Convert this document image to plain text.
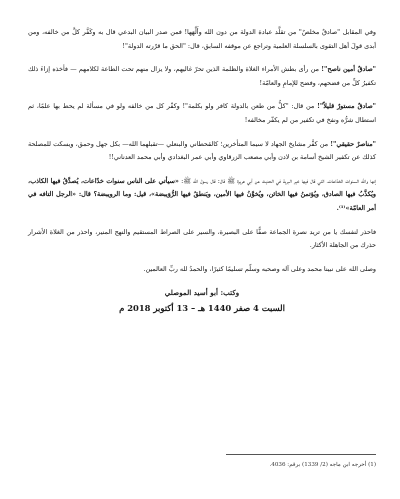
وفي المقابل "صادقٌ مخلصٌ" من تقلَّد عبادة الدولة من دون الله وأَلَّهَها! فمن صدر البيان البدعي قال به وكَفَّر كلَّ من خالفه، ومن أبدى قولَ أهل التقوى بالسلسلة العلمية وتراجع عن موقفه السابق، قال: "الحق ما قرّرته الدولة"!

"صادقٌ أمين ناصح"! من رأى بطش الأمراء الغلاة والظلمة الذين تحرّ غاليهم، ولا يزال منهم تحت الطاعة لكلامهم — فأخذه إزاءَ ذلك تكفيرُ كلِّ من فضحهم، وفضح للإمامِ والعامّة!

"صادقٌ مستورٌ قليلاً"! من قال: "كلُّ من طعن بالدولة كافر ولو بكلمة"! وكفّر كل من خالفه ولو في مسألة لم يحط بها علمًا، ثم استطال شرُّه ونفخ في تكفير من لم يكفّر مخالفه!

"مناصرٌ حقيقي"! من كفَّر مشايخ الجهاد لا سيما المتأخرين؛ كالقحطاني والبنعلي —تقبلهما الله— بكل جهل وحمق، ويسكت للمصلحة كذلك عن تكفير الشيخ أسامة بن لادن وأبي مصعب الزرقاوي وأبي عمر البغدادي وأبي محمد العدناني!!

إنها والله السنوات الخدّاعات، التي قال فيها خير البرية في الحديث عن أبي هريرة ﷺ قال: قال رسول الله ﷺ: «سيأتي على الناس سنوات خدّاعات، يُصدَّقُ فيها الكاذب، ويُكذَّبُ فيها الصادق، ويُؤتمنُ فيها الخائن، ويُخوَّنُ فيها الأمين، ويَنطقُ فيها الرُّوَيبضة»، قيل: وما الرويبضة؟ قال: «الرجل التافه في أمر العامّة»⁽¹⁾.

فاحذر لنفسك يا من تريد نصرة الجماعة صفًّا على البصيرة، والسير على الصراط المستقيم والنهج المنير، واحذر من الغلاة الأشرار حذرك من الجاهلة الأكثار.

وصلى الله على نبينا محمد وعلى آله وصحبه وسلّم تسليمًا كثيرًا، والحمدُ لله ربِّ العالمين.

وكتب: أبو أسيد الموصلي
السبت 4 صفر 1440 هـ – 13 أكتوبر 2018 م
(1) أخرجه ابن ماجه (2/ 1339) برقم: 4036.
